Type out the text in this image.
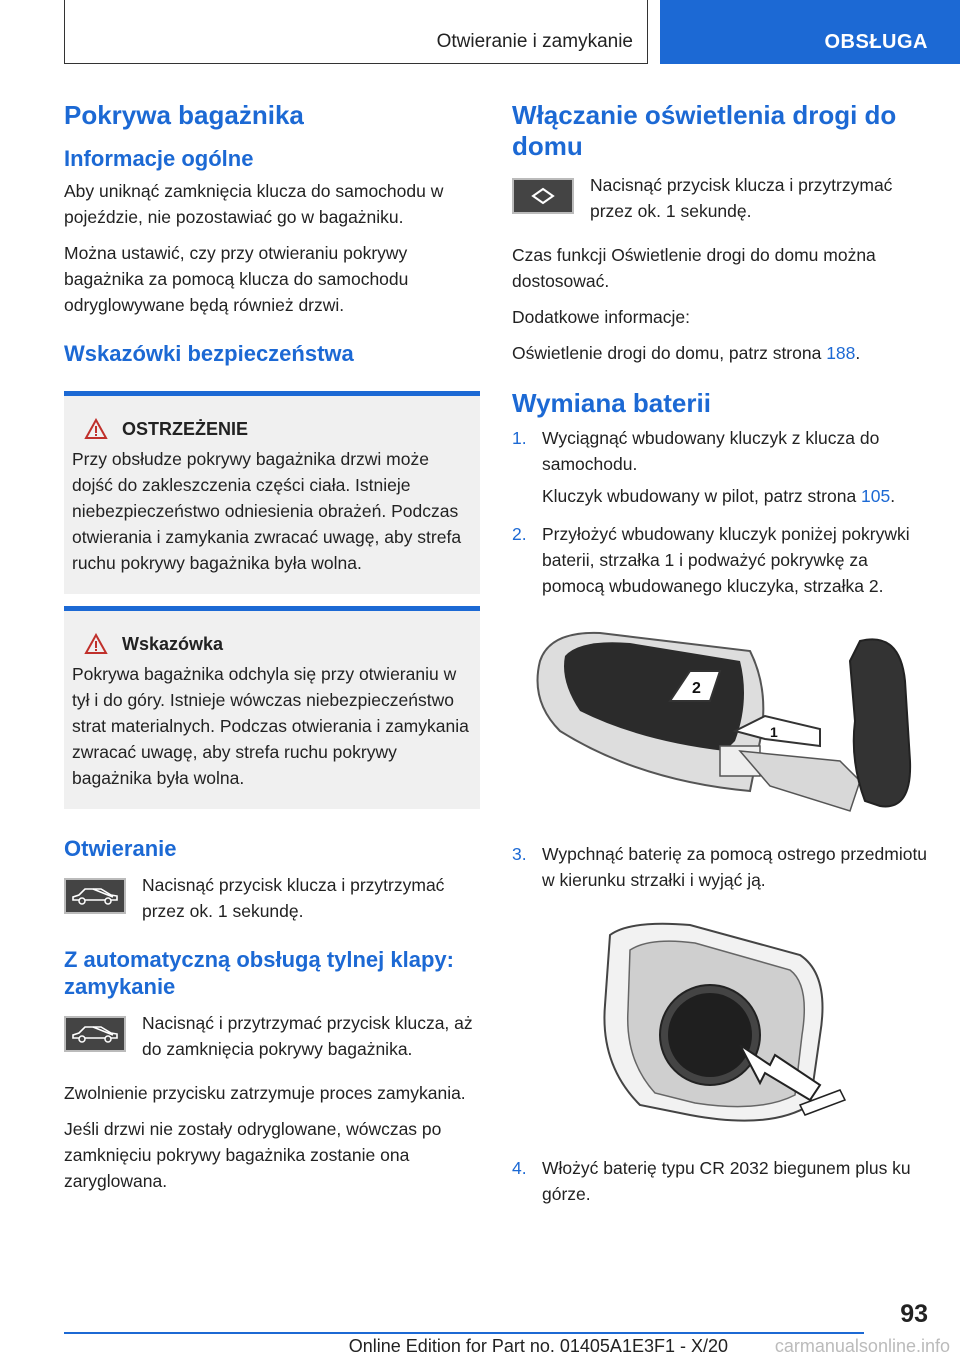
Otwieranie i zamykanie	OBSŁUGA
Pokrywa bagażnika
Informacje ogólne

Aby uniknąć zamknięcia klucza do samochodu w pojeździe, nie pozostawiać go w bagażniku.

Można ustawić, czy przy otwieraniu pokrywy bagażnika za pomocą klucza do samochodu odryglowywane będą również drzwi.

Wskazówki bezpieczeństwa
OSTRZEŻENIE

Przy obsłudze pokrywy bagażnika drzwi może dojść do zakleszczenia części ciała. Istnieje niebezpieczeństwo odniesienia obrażeń. Podczas otwierania i zamykania zwracać uwagę, aby strefa ruchu pokrywy bagażnika była wolna.

Wskazówka

Pokrywa bagażnika odchyla się przy otwieraniu w tył i do góry. Istnieje wówczas niebezpieczeństwo strat materialnych. Podczas otwierania i zamykania zwracać uwagę, aby strefa ruchu pokrywy bagażnika była wolna.

Otwieranie

Nacisnąć przycisk klucza i przytrzymać przez ok. 1 sekundę.

Z automatyczną obsługą tylnej klapy: zamykanie

Nacisnąć i przytrzymać przycisk klucza, aż do zamknięcia pokrywy bagażnika.

Zwolnienie przycisku zatrzymuje proces zamykania.

Jeśli drzwi nie zostały odryglowane, wówczas po zamknięciu pokrywy bagażnika zostanie ona zaryglowana.

Włączanie oświetlenia drogi do domu

Nacisnąć przycisk klucza i przytrzymać przez ok. 1 sekundę.

Czas funkcji Oświetlenie drogi do domu można dostosować.

Dodatkowe informacje:

Oświetlenie drogi do domu, patrz strona 188.

Wymiana baterii
1. Wyciągnąć wbudowany kluczyk z klucza do samochodu.

Kluczyk wbudowany w pilot, patrz strona 105.

2. Przyłożyć wbudowany kluczyk poniżej pokrywki baterii, strzałka 1 i podważyć pokrywkę za pomocą wbudowanego kluczyka, strzałka 2.

2
1
3. Wypchnąć baterię za pomocą ostrego przedmiotu w kierunku strzałki i wyjąć ją.

4. Włożyć baterię typu CR 2032 biegunem plus ku górze.

93
Online Edition for Part no. 01405A1E3F1 - X/20	carmanualsonline.info
